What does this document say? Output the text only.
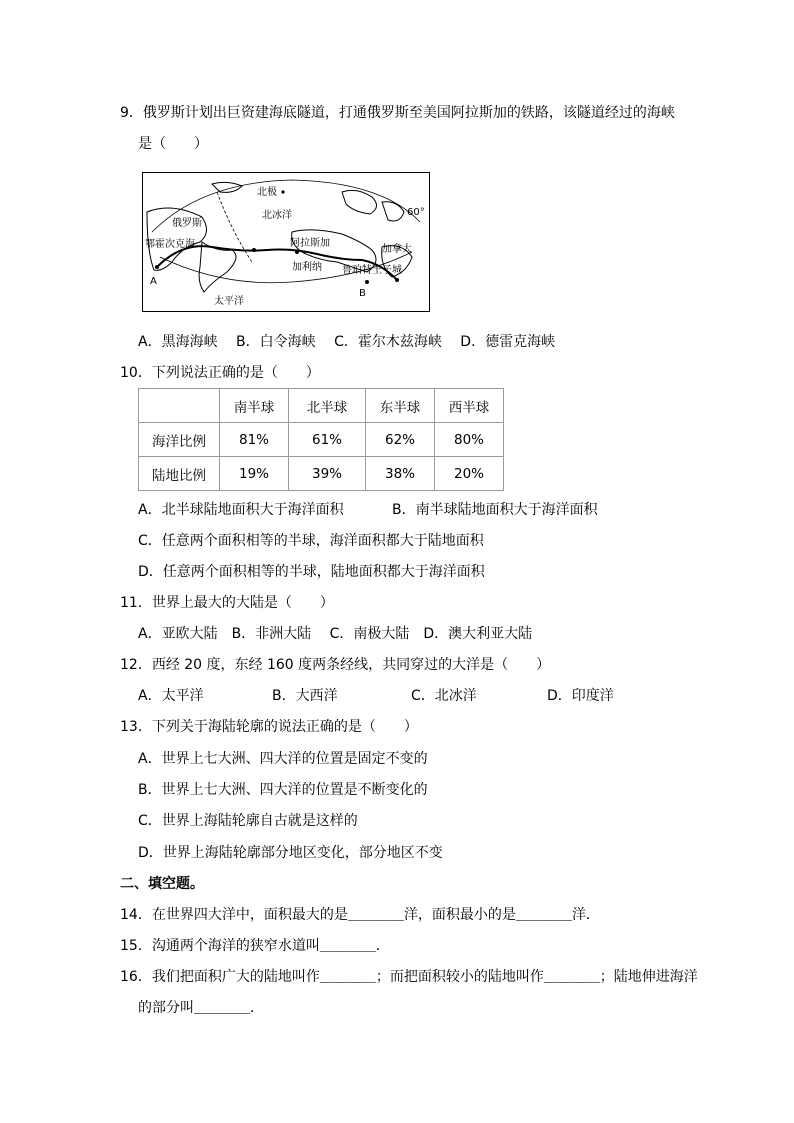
9．俄罗斯计划出巨资建海底隧道，打通俄罗斯至美国阿拉斯加的铁路，该隧道经过的海峡
是（　　）
北极
北冰洋	60°
俄罗斯
鄂霍次克海	阿拉斯加
加拿大
加利纳 鲁珀特王子城
太平洋
A
B
A．黑海海峡　 B．白令海峡　 C．霍尔木兹海峡　 D．德雷克海峡
10．下列说法正确的是（　　）
	南半球	北半球	东半球	西半球
海洋比例	81%	61%	62%	80%
陆地比例	19%	39%	38%	20%
A．北半球陆地面积大于海洋面积	B．南半球陆地面积大于海洋面积
C．任意两个面积相等的半球，海洋面积都大于陆地面积
D．任意两个面积相等的半球，陆地面积都大于海洋面积
11．世界上最大的大陆是（　　）
A．亚欧大陆　B．非洲大陆　 C．南极大陆　D．澳大利亚大陆
12．西经 20 度，东经 160 度两条经线，共同穿过的大洋是（　　）
A．太平洋	B．大西洋	C．北冰洋	D．印度洋
13．下列关于海陆轮廓的说法正确的是（　　）
A．世界上七大洲、四大洋的位置是固定不变的
B．世界上七大洲、四大洋的位置是不断变化的
C．世界上海陆轮廓自古就是这样的
D．世界上海陆轮廓部分地区变化，部分地区不变
二、填空题。
14．在世界四大洋中，面积最大的是＿＿＿＿洋，面积最小的是＿＿＿＿洋．
15．沟通两个海洋的狭窄水道叫＿＿＿＿．
16．我们把面积广大的陆地叫作＿＿＿＿；而把面积较小的陆地叫作＿＿＿＿；陆地伸进海洋
的部分叫＿＿＿＿．
